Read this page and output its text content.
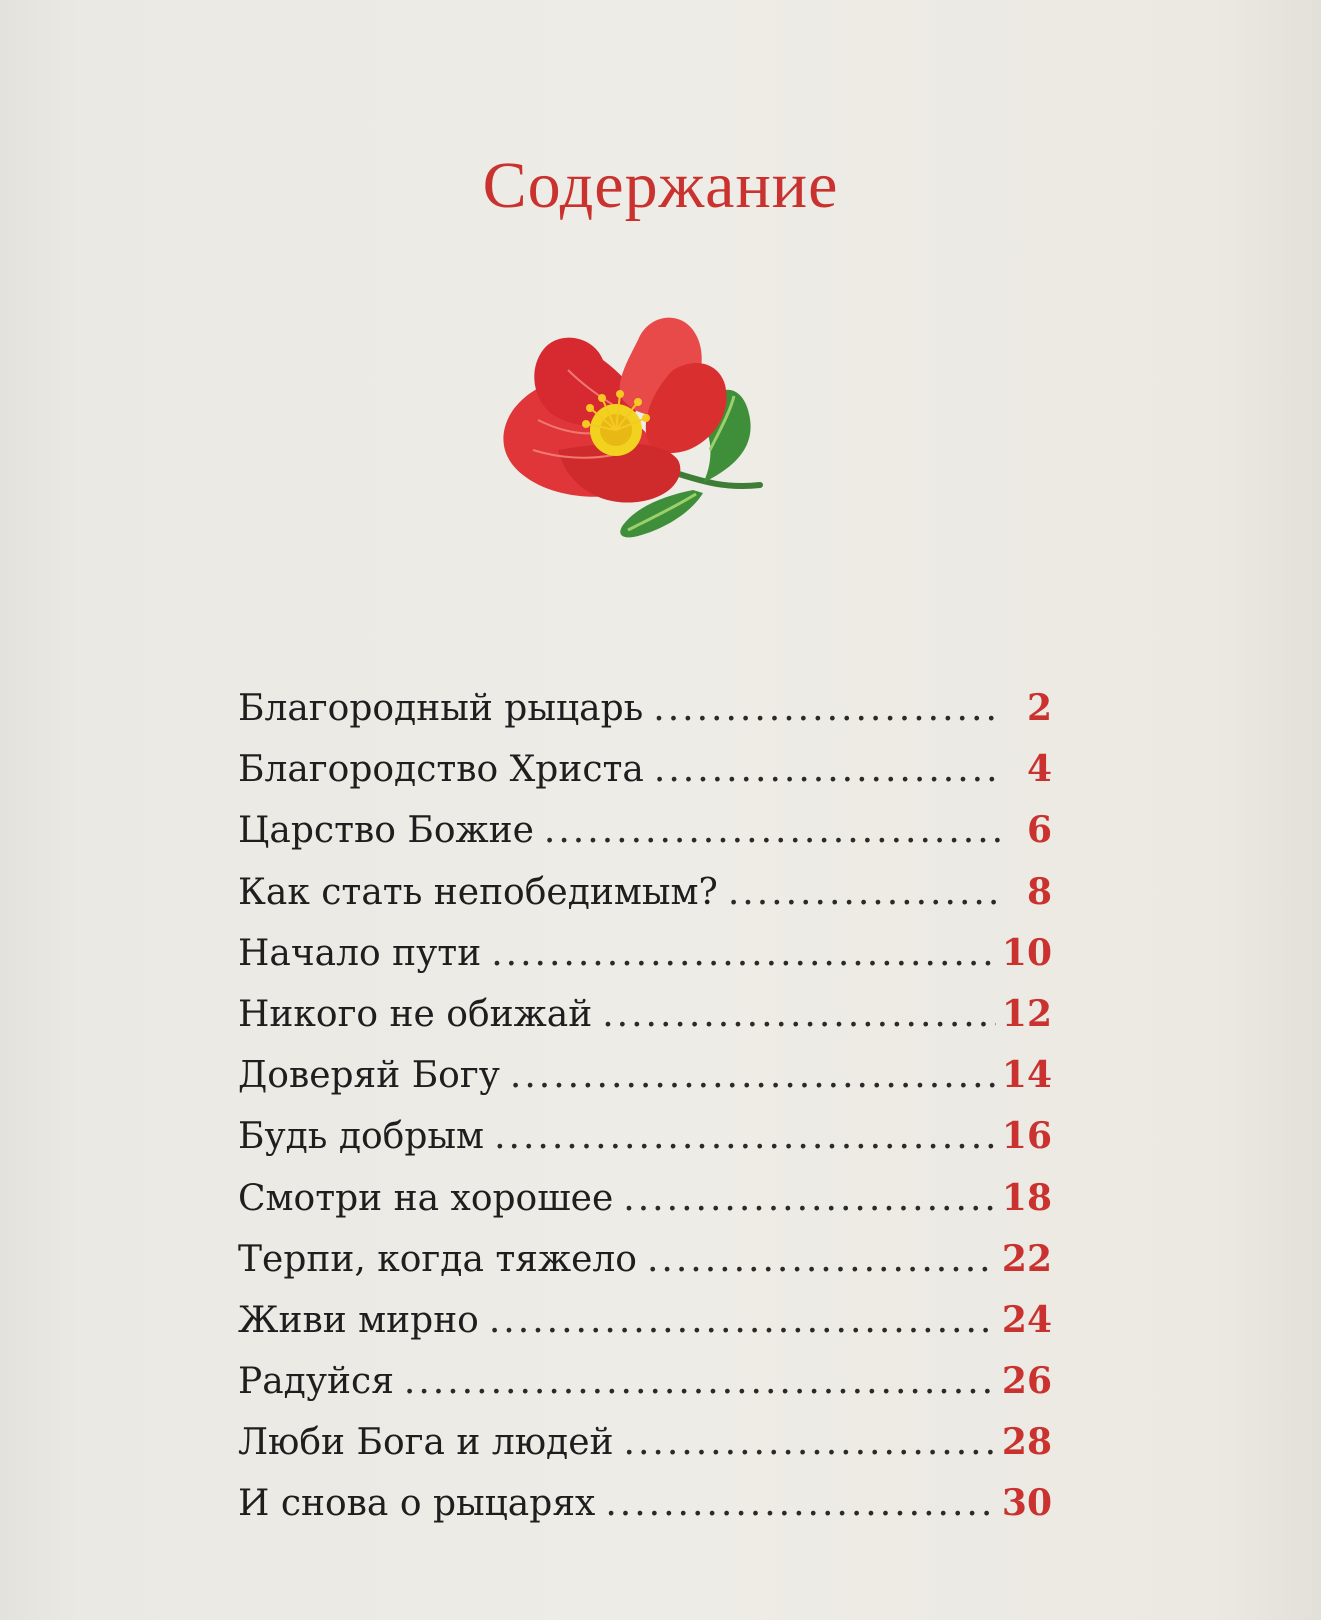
Содержание
Благородный рыцарь .....	2
Благородство Христа .....	4
Царство Божие .....	6
Как стать непобедимым? .....	8
Начало пути .....	10
Никого не обижай .....	12
Доверяй Богу .....	14
Будь добрым .....	16
Смотри на хорошее .....	18
Терпи, когда тяжело .....	22
Живи мирно .....	24
Радуйся .....	26
Люби Бога и людей .....	28
И снова о рыцарях .....	30
